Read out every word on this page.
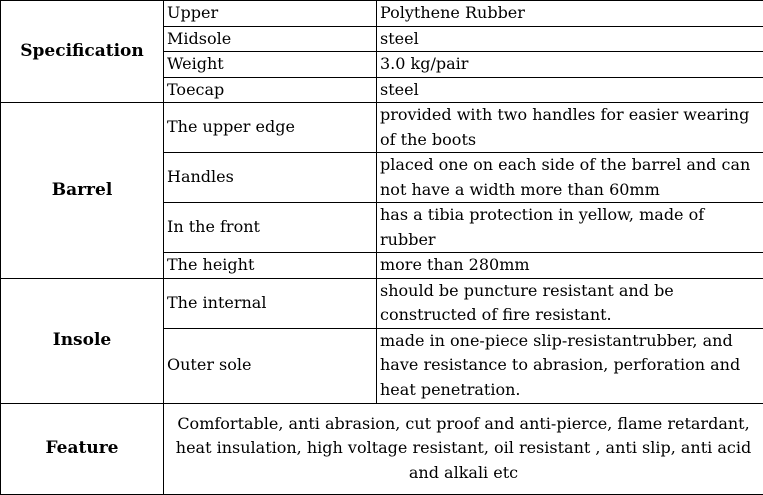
Specification	Upper	Polythene Rubber
	Midsole	steel
	Weight	3.0 kg/pair
	Toecap	steel
Barrel	The upper edge	provided with two handles for easier wearing of the boots
	Handles	placed one on each side of the barrel and can not have a width more than 60mm
	In the front	has a tibia protection in yellow, made of rubber
	The height	more than 280mm
Insole	The internal	should be puncture resistant and be constructed of fire resistant.
	Outer sole	made in one-piece slip-resistantrubber, and have resistance to abrasion, perforation and heat penetration.
Feature	Comfortable, anti abrasion, cut proof and anti-pierce, flame retardant, heat insulation, high voltage resistant, oil resistant , anti slip, anti acid and alkali etc	
